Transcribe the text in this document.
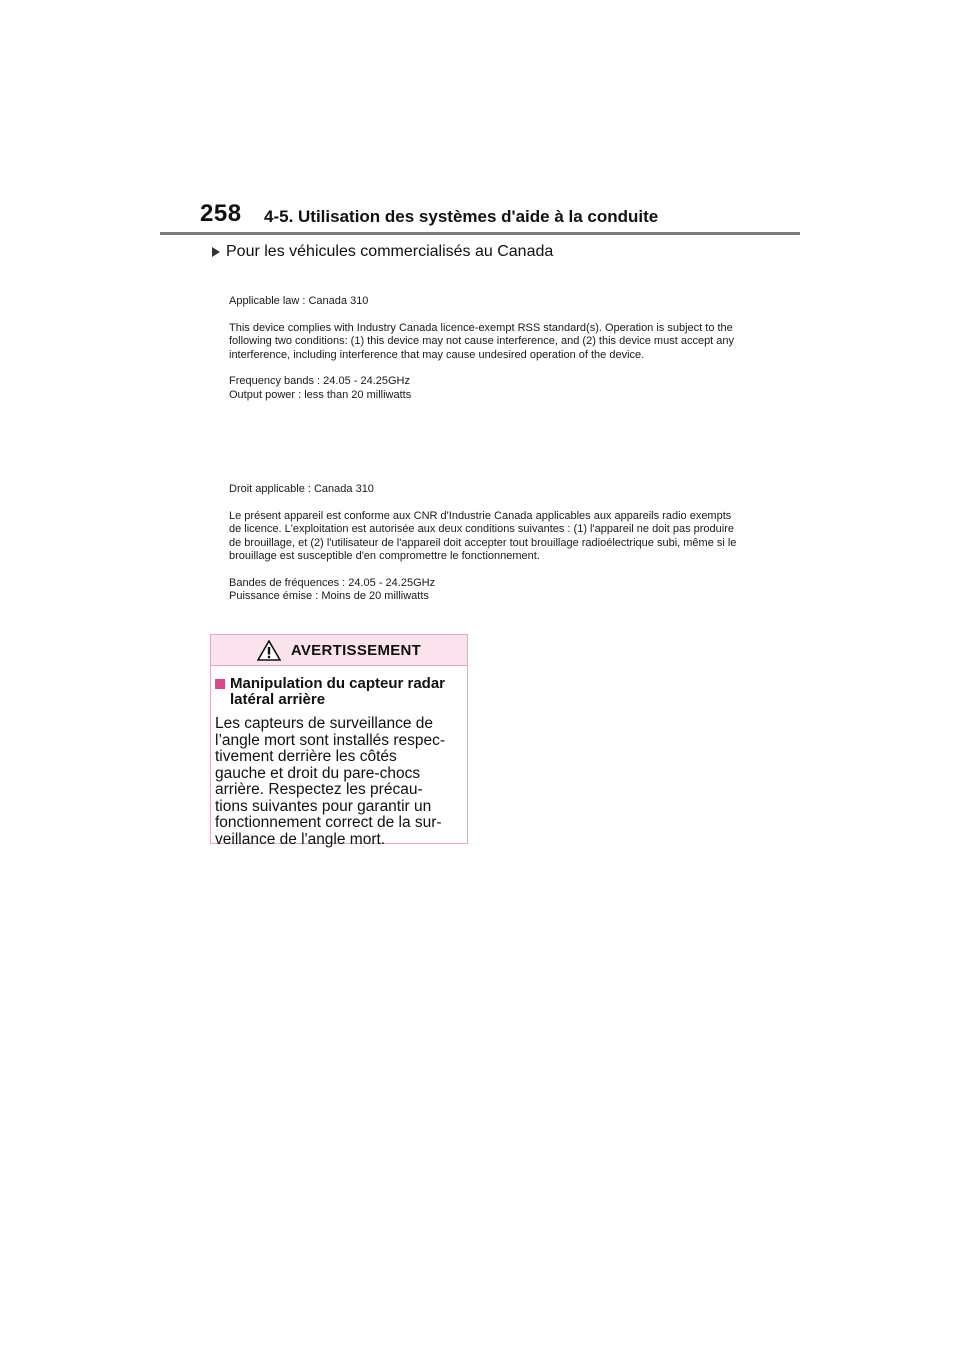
258 4-5. Utilisation des systèmes d'aide à la conduite
Pour les véhicules commercialisés au Canada

Applicable law : Canada 310

This device complies with Industry Canada licence-exempt RSS standard(s). Operation is subject to the following two conditions: (1) this device may not cause interference, and (2) this device must accept any interference, including interference that may cause undesired operation of the device.

Frequency bands : 24.05 - 24.25GHz
Output power : less than 20 milliwatts

Droit applicable : Canada 310

Le présent appareil est conforme aux CNR d'Industrie Canada applicables aux appareils radio exempts de licence. L'exploitation est autorisée aux deux conditions suivantes : (1) l'appareil ne doit pas produire de brouillage, et (2) l'utilisateur de l'appareil doit accepter tout brouillage radioélectrique subi, même si le brouillage est susceptible d'en compromettre le fonctionnement.

Bandes de fréquences : 24.05 - 24.25GHz
Puissance émise : Moins de 20 milliwatts
AVERTISSEMENT
Manipulation du capteur radar latéral arrière
Les capteurs de surveillance de
l’angle mort sont installés respec-
tivement derrière les côtés
gauche et droit du pare-chocs
arrière. Respectez les précau-
tions suivantes pour garantir un
fonctionnement correct de la sur-
veillance de l'angle mort.
